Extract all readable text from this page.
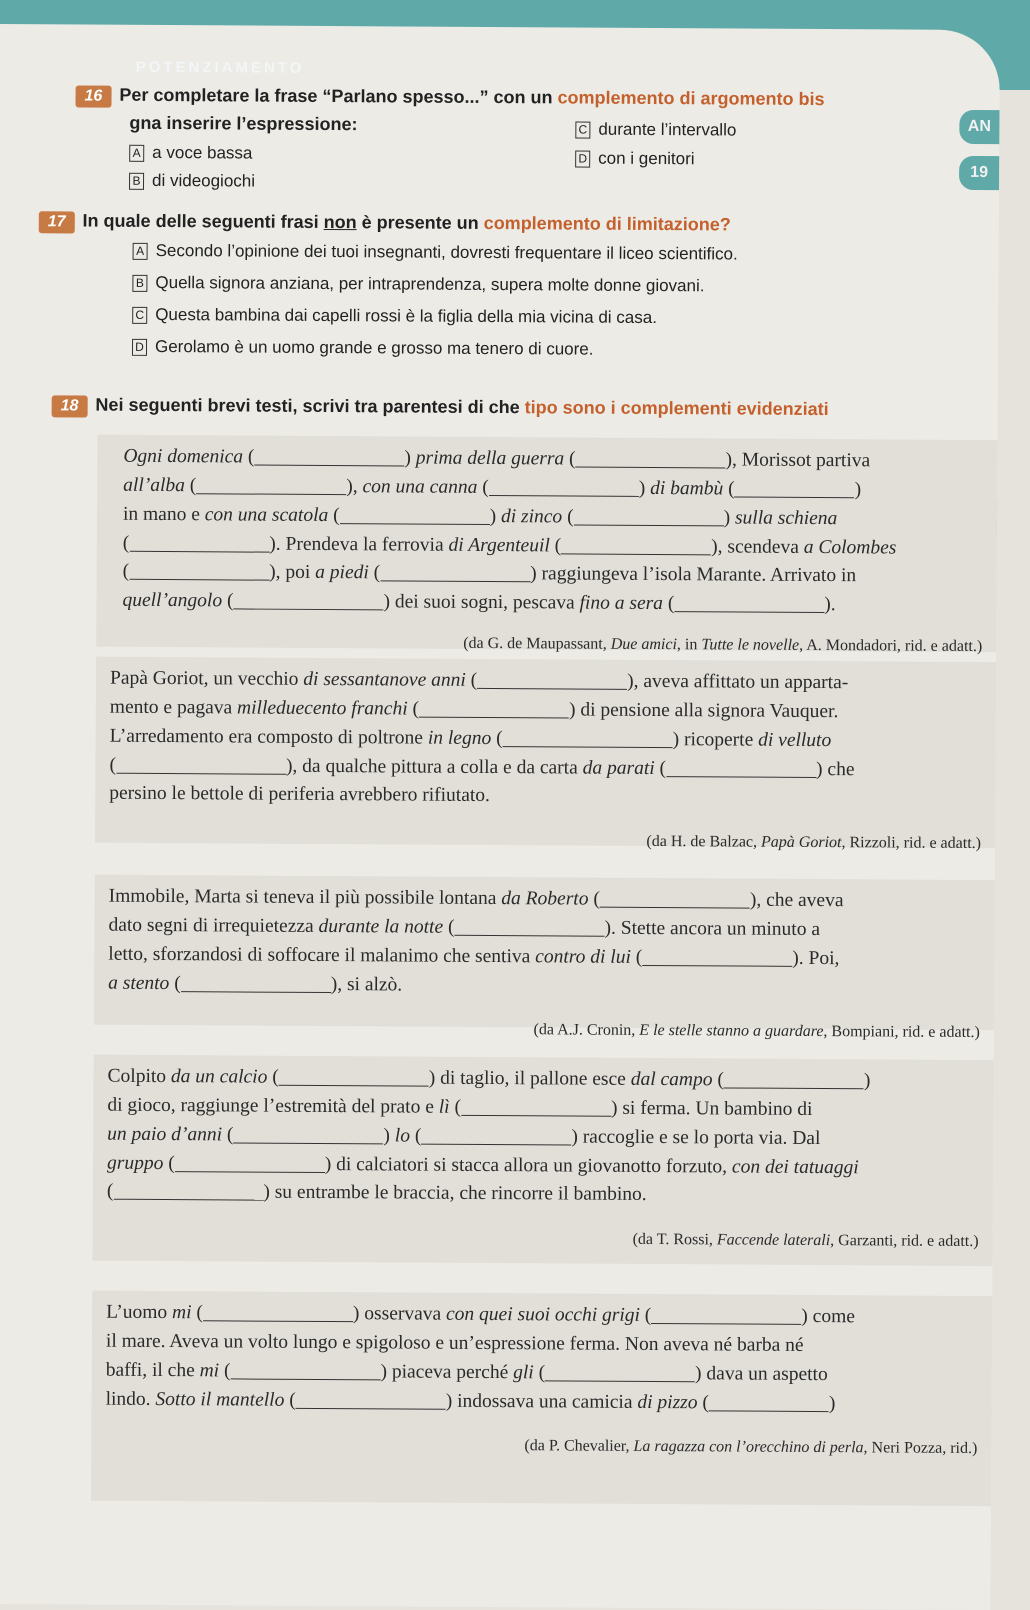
POTENZIAMENTO
AN
19
16 Per completare la frase “Parlano spesso...” con un complemento di argomento bis
gna inserire l’espressione:
A a voce bassa
B di videogiochi
C durante l’intervallo
D con i genitori
17 In quale delle seguenti frasi non è presente un complemento di limitazione?
A Secondo l’opinione dei tuoi insegnanti, dovresti frequentare il liceo scientifico.
B Quella signora anziana, per intraprendenza, supera molte donne giovani.
C Questa bambina dai capelli rossi è la figlia della mia vicina di casa.
D Gerolamo è un uomo grande e grosso ma tenero di cuore.
18 Nei seguenti brevi testi, scrivi tra parentesi di che tipo sono i complementi evidenziati

Ogni domenica (	) prima della guerra (	), Morissot partiva

all’alba (	), con una canna (	) di bambù (	)

in mano e con una scatola (	) di zinco (	) sulla schiena

(	). Prendeva la ferrovia di Argenteuil (	), scendeva a Colombes

(	), poi a piedi (	) raggiungeva l’isola Marante. Arrivato in

quell’angolo (	) dei suoi sogni, pescava fino a sera (	).

(da G. de Maupassant, Due amici, in Tutte le novelle, A. Mondadori, rid. e adatt.)

Papà Goriot, un vecchio di sessantanove anni (	), aveva affittato un apparta-

mento e pagava milleduecento franchi (	) di pensione alla signora Vauquer.

L’arredamento era composto di poltrone in legno (	) ricoperte di velluto

(	), da qualche pittura a colla e da carta da parati (	) che

persino le bettole di periferia avrebbero rifiutato.

(da H. de Balzac, Papà Goriot, Rizzoli, rid. e adatt.)

Immobile, Marta si teneva il più possibile lontana da Roberto (	), che aveva

dato segni di irrequietezza durante la notte (	). Stette ancora un minuto a

letto, sforzandosi di soffocare il malanimo che sentiva contro di lui (	). Poi,

a stento (	), si alzò.

(da A.J. Cronin, E le stelle stanno a guardare, Bompiani, rid. e adatt.)

Colpito da un calcio (	) di taglio, il pallone esce dal campo (	)

di gioco, raggiunge l’estremità del prato e lì (	) si ferma. Un bambino di

un paio d’anni (	) lo (	) raccoglie e se lo porta via. Dal

gruppo (	) di calciatori si stacca allora un giovanotto forzuto, con dei tatuaggi

(	) su entrambe le braccia, che rincorre il bambino.

(da T. Rossi, Faccende laterali, Garzanti, rid. e adatt.)

L’uomo mi (	) osservava con quei suoi occhi grigi (	) come

il mare. Aveva un volto lungo e spigoloso e un’espressione ferma. Non aveva né barba né

baffi, il che mi (	) piaceva perché gli (	) dava un aspetto

lindo. Sotto il mantello (	) indossava una camicia di pizzo (	)

(da P. Chevalier, La ragazza con l’orecchino di perla, Neri Pozza, rid.)
